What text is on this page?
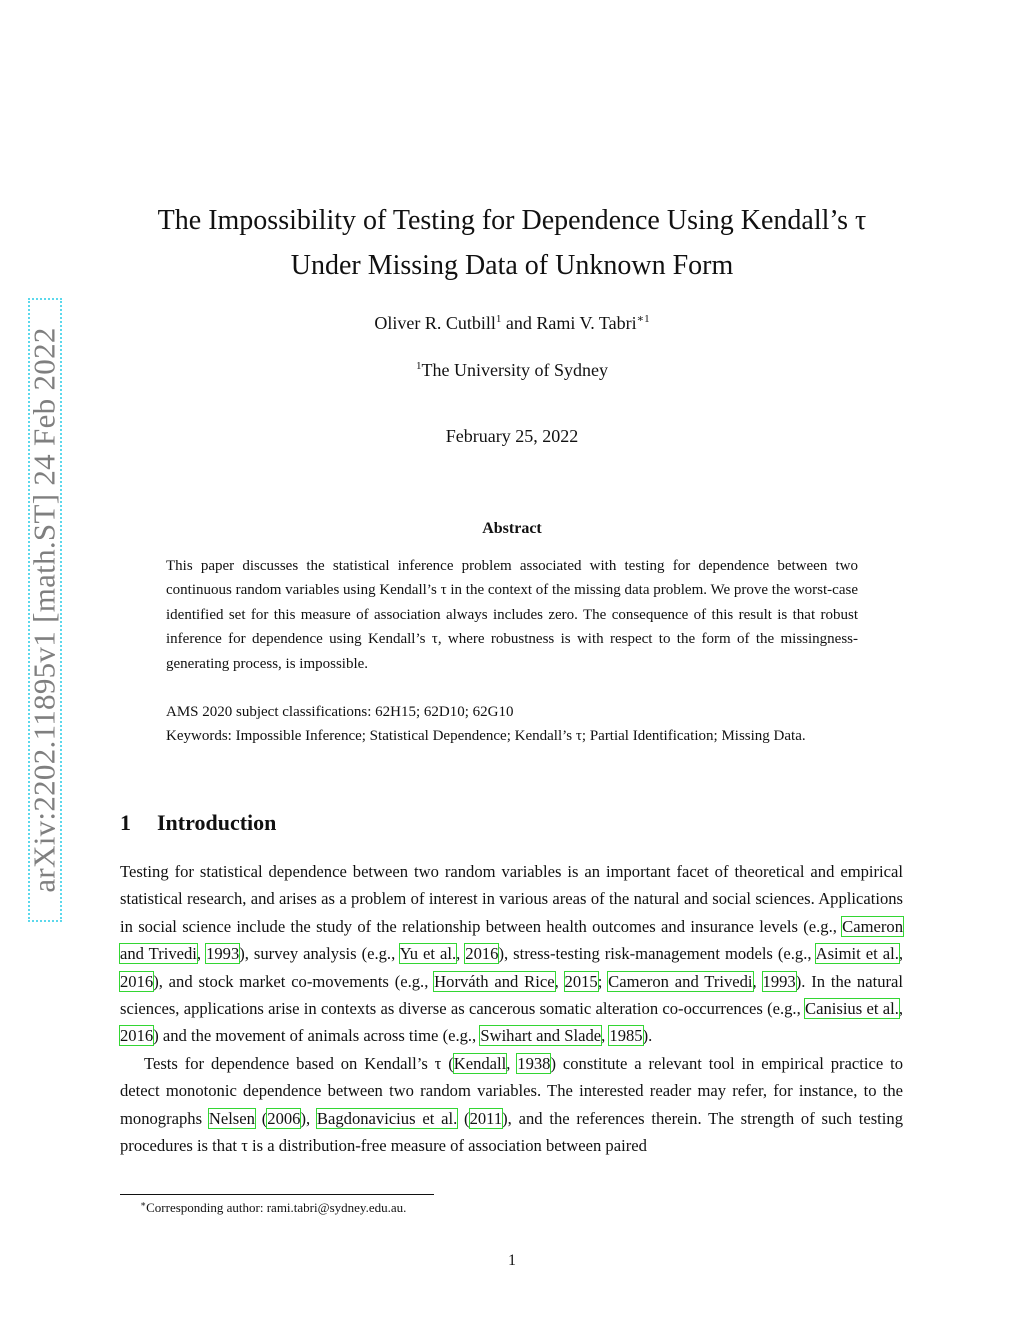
arXiv:2202.11895v1 [math.ST] 24 Feb 2022
The Impossibility of Testing for Dependence Using Kendall’s τ
Under Missing Data of Unknown Form
Oliver R. Cutbill$^1$ and Rami V. Tabri$^{∗1}$
$^1$The University of Sydney
February 25, 2022
Abstract

This paper discusses the statistical inference problem associated with testing for dependence between two continuous random variables using Kendall’s τ in the context of the missing data problem. We prove the worst-case identified set for this measure of association always includes zero. The consequence of this result is that robust inference for dependence using Kendall’s τ, where robustness is with respect to the form of the missingness-generating process, is impossible.

AMS 2020 subject classifications: 62H15; 62D10; 62G10

Keywords: Impossible Inference; Statistical Dependence; Kendall’s τ; Partial Identification; Missing Data.

1 Introduction

Testing for statistical dependence between two random variables is an important facet of theoretical and empirical statistical research, and arises as a problem of interest in various areas of the natural and social sciences. Applications in social science include the study of the relationship between health outcomes and insurance levels (e.g., Cameron and Trivedi, 1993), survey analysis (e.g., Yu et al., 2016), stress-testing risk-management models (e.g., Asimit et al., 2016), and stock market co-movements (e.g., Horváth and Rice, 2015; Cameron and Trivedi, 1993). In the natural sciences, applications arise in contexts as diverse as cancerous somatic alteration co-occurrences (e.g., Canisius et al., 2016) and the movement of animals across time (e.g., Swihart and Slade, 1985).

Tests for dependence based on Kendall’s τ (Kendall, 1938) constitute a relevant tool in empirical practice to detect monotonic dependence between two random variables. The interested reader may refer, for instance, to the monographs Nelsen (2006), Bagdonavicius et al. (2011), and the references therein. The strength of such testing procedures is that τ is a distribution-free measure of association between paired

∗Corresponding author: rami.tabri@sydney.edu.au.
1
